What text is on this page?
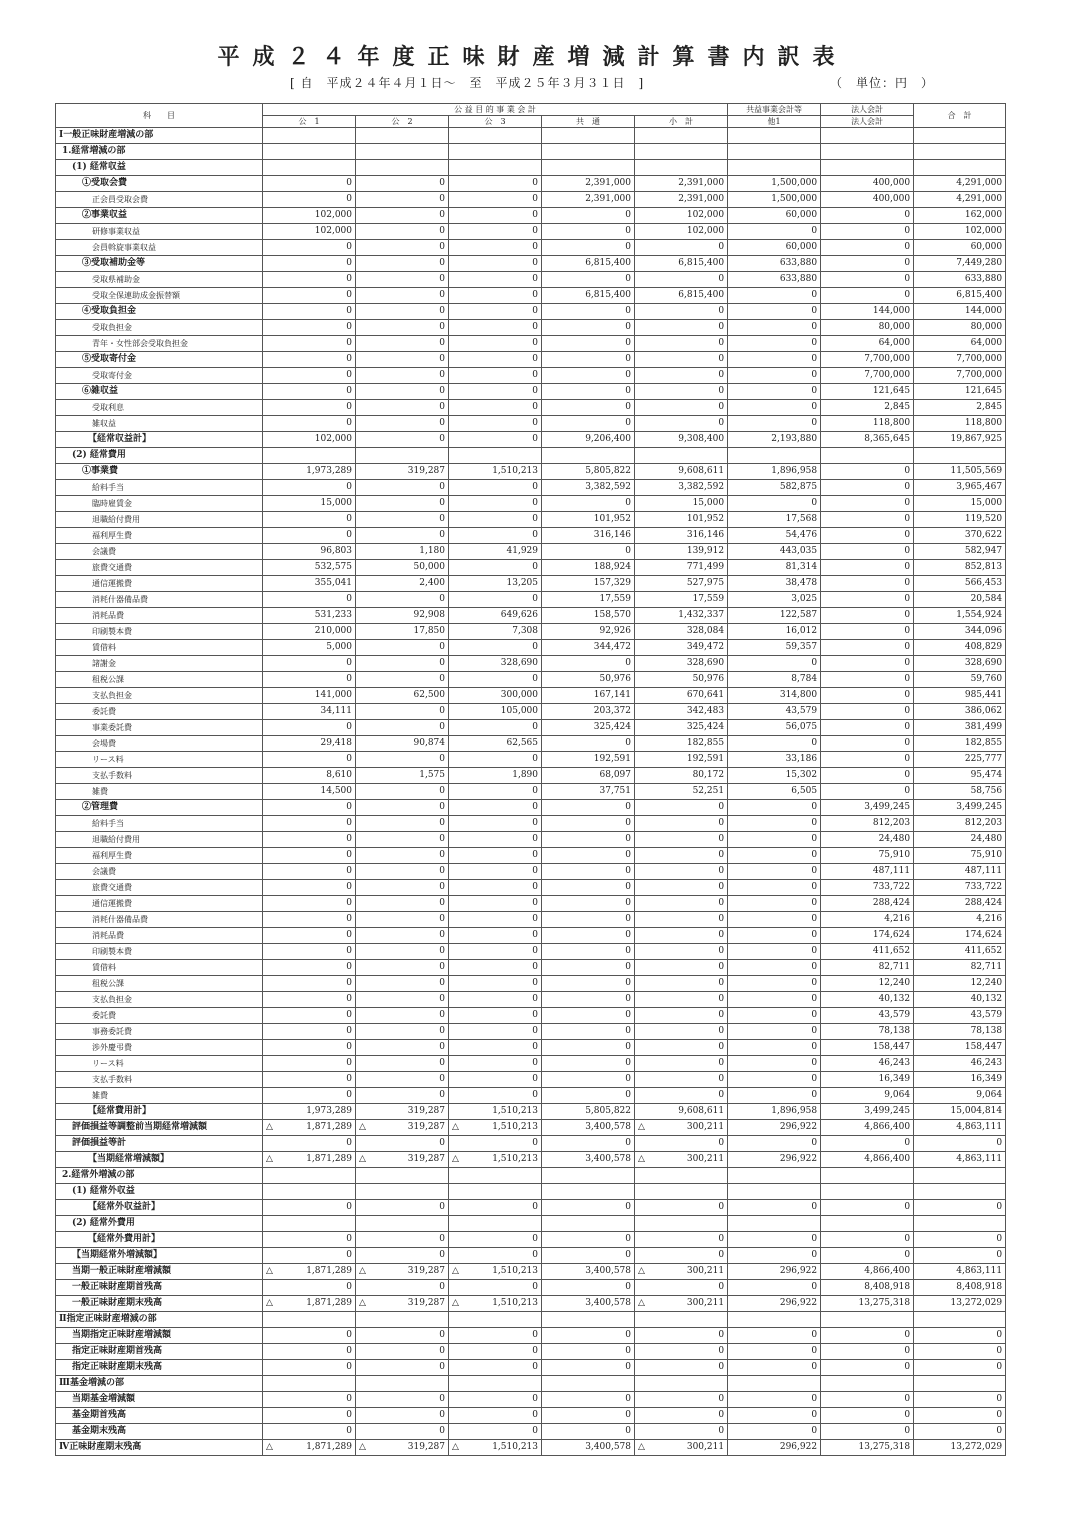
平成２４年度正味財産増減計算書内訳表
[ 自　平成２４年４月１日～　至　平成２５年３月３１日　]	（　単位：円　）
科　　目	公 益 目 的 事 業 会 計					共益事業会計等	法人会計	合　計
	公　1	公　2	公　3	共　通	小　計	他1	法人会計	
Ⅰ一般正味財産増減の部								
1.経常増減の部								
(1) 経常収益								
①受取会費	0	0	0	2,391,000	2,391,000	1,500,000	400,000	4,291,000
正会員受取会費	0	0	0	2,391,000	2,391,000	1,500,000	400,000	4,291,000
②事業収益	102,000	0	0	0	102,000	60,000	0	162,000
研修事業収益	102,000	0	0	0	102,000	0	0	102,000
会員斡旋事業収益	0	0	0	0	0	60,000	0	60,000
③受取補助金等	0	0	0	6,815,400	6,815,400	633,880	0	7,449,280
受取県補助金	0	0	0	0	0	633,880	0	633,880
受取全保連助成金振替額	0	0	0	6,815,400	6,815,400	0	0	6,815,400
④受取負担金	0	0	0	0	0	0	144,000	144,000
受取負担金	0	0	0	0	0	0	80,000	80,000
青年・女性部会受取負担金	0	0	0	0	0	0	64,000	64,000
⑤受取寄付金	0	0	0	0	0	0	7,700,000	7,700,000
受取寄付金	0	0	0	0	0	0	7,700,000	7,700,000
⑥雑収益	0	0	0	0	0	0	121,645	121,645
受取利息	0	0	0	0	0	0	2,845	2,845
雑収益	0	0	0	0	0	0	118,800	118,800
【経常収益計】	102,000	0	0	9,206,400	9,308,400	2,193,880	8,365,645	19,867,925
(2) 経常費用								
①事業費	1,973,289	319,287	1,510,213	5,805,822	9,608,611	1,896,958	0	11,505,569
給料手当	0	0	0	3,382,592	3,382,592	582,875	0	3,965,467
臨時雇賃金	15,000	0	0	0	15,000	0	0	15,000
退職給付費用	0	0	0	101,952	101,952	17,568	0	119,520
福利厚生費	0	0	0	316,146	316,146	54,476	0	370,622
会議費	96,803	1,180	41,929	0	139,912	443,035	0	582,947
旅費交通費	532,575	50,000	0	188,924	771,499	81,314	0	852,813
通信運搬費	355,041	2,400	13,205	157,329	527,975	38,478	0	566,453
消耗什器備品費	0	0	0	17,559	17,559	3,025	0	20,584
消耗品費	531,233	92,908	649,626	158,570	1,432,337	122,587	0	1,554,924
印刷製本費	210,000	17,850	7,308	92,926	328,084	16,012	0	344,096
賃借料	5,000	0	0	344,472	349,472	59,357	0	408,829
諸謝金	0	0	328,690	0	328,690	0	0	328,690
租税公課	0	0	0	50,976	50,976	8,784	0	59,760
支払負担金	141,000	62,500	300,000	167,141	670,641	314,800	0	985,441
委託費	34,111	0	105,000	203,372	342,483	43,579	0	386,062
事業委託費	0	0	0	325,424	325,424	56,075	0	381,499
会場費	29,418	90,874	62,565	0	182,855	0	0	182,855
リース料	0	0	0	192,591	192,591	33,186	0	225,777
支払手数料	8,610	1,575	1,890	68,097	80,172	15,302	0	95,474
雑費	14,500	0	0	37,751	52,251	6,505	0	58,756
②管理費	0	0	0	0	0	0	3,499,245	3,499,245
給料手当	0	0	0	0	0	0	812,203	812,203
退職給付費用	0	0	0	0	0	0	24,480	24,480
福利厚生費	0	0	0	0	0	0	75,910	75,910
会議費	0	0	0	0	0	0	487,111	487,111
旅費交通費	0	0	0	0	0	0	733,722	733,722
通信運搬費	0	0	0	0	0	0	288,424	288,424
消耗什器備品費	0	0	0	0	0	0	4,216	4,216
消耗品費	0	0	0	0	0	0	174,624	174,624
印刷製本費	0	0	0	0	0	0	411,652	411,652
賃借料	0	0	0	0	0	0	82,711	82,711
租税公課	0	0	0	0	0	0	12,240	12,240
支払負担金	0	0	0	0	0	0	40,132	40,132
委託費	0	0	0	0	0	0	43,579	43,579
事務委託費	0	0	0	0	0	0	78,138	78,138
渉外慶弔費	0	0	0	0	0	0	158,447	158,447
リース料	0	0	0	0	0	0	46,243	46,243
支払手数料	0	0	0	0	0	0	16,349	16,349
雑費	0	0	0	0	0	0	9,064	9,064
【経常費用計】	1,973,289	319,287	1,510,213	5,805,822	9,608,611	1,896,958	3,499,245	15,004,814
評価損益等調整前当期経常増減額	△ 1,871,289	△ 319,287	△ 1,510,213	3,400,578	△ 300,211	296,922	4,866,400	4,863,111
評価損益等計	0	0	0	0	0	0	0	0
【当期経常増減額】	△ 1,871,289	△ 319,287	△ 1,510,213	3,400,578	△ 300,211	296,922	4,866,400	4,863,111
2.経常外増減の部								
(1) 経常外収益								
【経常外収益計】	0	0	0	0	0	0	0	0
(2) 経常外費用								
【経常外費用計】	0	0	0	0	0	0	0	0
【当期経常外増減額】	0	0	0	0	0	0	0	0
当期一般正味財産増減額	△ 1,871,289	△ 319,287	△ 1,510,213	3,400,578	△ 300,211	296,922	4,866,400	4,863,111
一般正味財産期首残高	0	0	0	0	0	0	8,408,918	8,408,918
一般正味財産期末残高	△ 1,871,289	△ 319,287	△ 1,510,213	3,400,578	△ 300,211	296,922	13,275,318	13,272,029
Ⅱ指定正味財産増減の部								
当期指定正味財産増減額	0	0	0	0	0	0	0	0
指定正味財産期首残高	0	0	0	0	0	0	0	0
指定正味財産期末残高	0	0	0	0	0	0	0	0
Ⅲ基金増減の部								
当期基金増減額	0	0	0	0	0	0	0	0
基金期首残高	0	0	0	0	0	0	0	0
基金期末残高	0	0	0	0	0	0	0	0
Ⅳ正味財産期末残高	△ 1,871,289	△ 319,287	△ 1,510,213	3,400,578	△ 300,211	296,922	13,275,318	13,272,029
